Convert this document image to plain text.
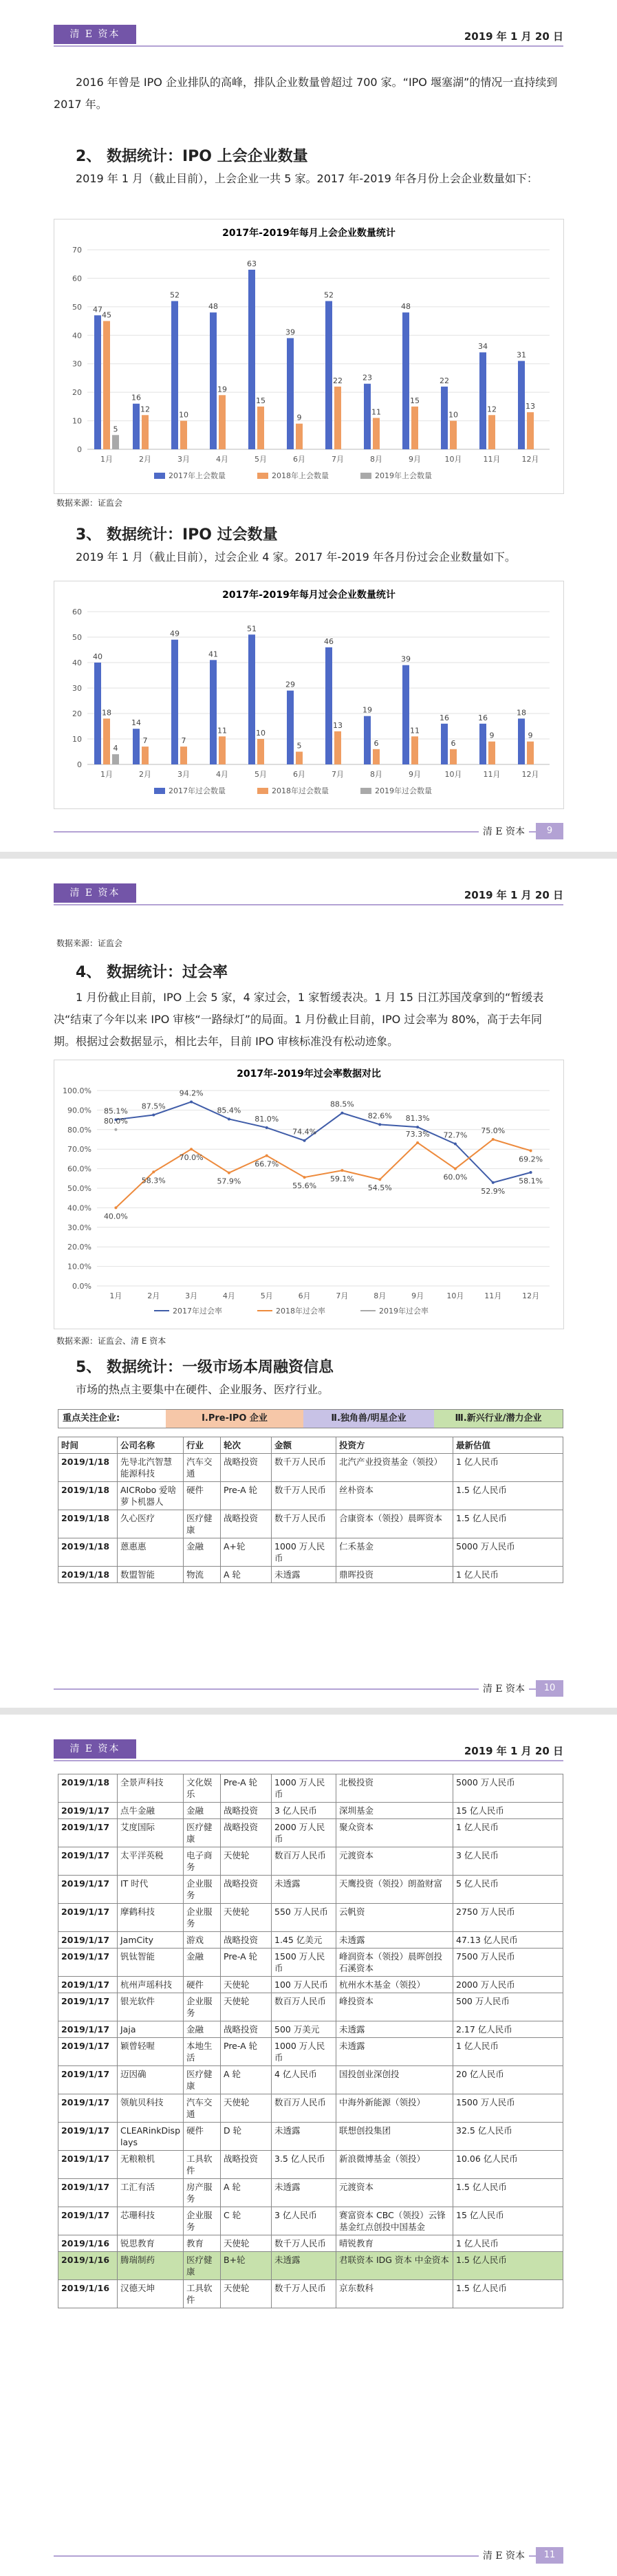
清 E 资本	2019 年 1 月 20 日

2016 年曾是 IPO 企业排队的高峰，排队企业数量曾超过 700 家。“IPO 堰塞湖”的情况一直持续到 2017 年。

2、 数据统计：IPO 上会企业数量

2019 年 1 月（截止目前），上会企业一共 5 家。2017 年-2019 年各月份上会企业数量如下：

2017年-2019年每月上会企业数量统计
0
10
20
30
40
50
60
70
1月
47
45
5
2月
16
12
3月
52
10
4月
48
19
5月
63
15
6月
39
9
7月
52
22
8月
23
11
9月
48
15
10月
22
10
11月
34
12
12月
31
13
2017年上会数量	2018年上会数量	2019年上会数量
数据来源：证监会
3、 数据统计：IPO 过会数量

2019 年 1 月（截止目前），过会企业 4 家。2017 年-2019 年各月份过会企业数量如下。

2017年-2019年每月过会企业数量统计
0
10
20
30
40
50
60
1月
40
18
4
2月
14
7
3月
49
7
4月
41
11
5月
51
10
6月
29
5
7月
46
13
8月
19
6
9月
39
11
10月
16
6
11月
16
9
12月
18
9
2017年过会数量	2018年过会数量	2019年过会数量
清 E 资本	9
清 E 资本	2019 年 1 月 20 日
数据来源：证监会
4、 数据统计：过会率

1 月份截止目前，IPO 上会 5 家，4 家过会，1 家暂缓表决。1 月 15 日江苏国茂拿到的“暂缓表决“结束了今年以来 IPO 审核“一路绿灯”的局面。1 月份截止目前，IPO 过会率为 80%，高于去年同期。根据过会数据显示，相比去年，目前 IPO 审核标准没有松动迹象。

2017年-2019年过会率数据对比
0.0%
10.0%
20.0%
30.0%
40.0%
50.0%
60.0%
70.0%
80.0%
90.0%
100.0%
1月	2月	3月	4月	5月	6月	7月	8月	9月	10月	11月	12月
85.1%
87.5%
94.2%
85.4%
81.0%
74.4%
88.5%
82.6% 81.3%
72.7%
52.9%
58.1%
40.0%
58.3%
70.0%
57.9%
66.7%
55.6%
59.1%
54.5%
73.3%
60.0%
75.0%
69.2%
80.0%
2017年过会率	2018年过会率	2019年过会率
数据来源：证监会、清 E 资本
5、 数据统计：一级市场本周融资信息

市场的热点主要集中在硬件、企业服务、医疗行业。

重点关注企业:	Ⅰ.Pre-IPO 企业	Ⅱ.独角兽/明星企业	Ⅲ.新兴行业/潜力企业
时间	公司名称	行业	轮次	金额	投资方	最新估值
2019/1/18	先导北汽智慧能源科技	汽车交通	战略投资	数千万人民币	北汽产业投资基金（领投）	1 亿人民币
2019/1/18	AICRobo 爱啥萝卜机器人	硬件	Pre-A 轮	数千万人民币	丝朴资本	1.5 亿人民币
2019/1/18	久心医疗	医疗健康	战略投资	数千万人民币	合康资本（领投）晨晖资本	1.5 亿人民币
2019/1/18	蒽惠惠	金融	A+轮	1000 万人民币	仁禾基金	5000 万人民币
2019/1/18	数盟智能	物流	A 轮	未透露	鼎晖投资	1 亿人民币
清 E 资本	10
清 E 资本	2019 年 1 月 20 日
2019/1/18	全景声科技	文化娱乐	Pre-A 轮	1000 万人民币	北极投资	5000 万人民币
2019/1/17	点牛金融	金融	战略投资	3 亿人民币	深圳基金	15 亿人民币
2019/1/17	艾度国际	医疗健康	战略投资	2000 万人民币	聚众资本	1 亿人民币
2019/1/17	太平洋英税	电子商务	天使轮	数百万人民币	元渡资本	3 亿人民币
2019/1/17	IT 时代	企业服务	战略投资	未透露	天鹰投资（领投）朗盈财富	5 亿人民币
2019/1/17	摩鹤科技	企业服务	天使轮	550 万人民币	云帆资	2750 万人民币
2019/1/17	JamCity	游戏	战略投资	1.45 亿美元	未透露	47.13 亿人民币
2019/1/17	钒钛智能	金融	Pre-A 轮	1500 万人民币	峰润资本（领投）晨晖创投石溪资本	7500 万人民币
2019/1/17	杭州声瑶科技	硬件	天使轮	100 万人民币	杭州水木基金（领投）	2000 万人民币
2019/1/17	银光软件	企业服务	天使轮	数百万人民币	峰投资本	500 万人民币
2019/1/17	Jaja	金融	战略投资	500 万美元	未透露	2.17 亿人民币
2019/1/17	颖曾轻喔	本地生活	Pre-A 轮	1000 万人民币	未透露	1 亿人民币
2019/1/17	迈因确	医疗健康	A 轮	4 亿人民币	国投创业深创投	20 亿人民币
2019/1/17	领航贝科技	汽车交通	天使轮	数百万人民币	中海外新能源（领投）	1500 万人民币
2019/1/17	CLEARinkDisplays	硬件	D 轮	未透露	联想创投集团	32.5 亿人民币
2019/1/17	无粮粮机	工具软件	战略投资	3.5 亿人民币	新浪微博基金（领投）	10.06 亿人民币
2019/1/17	工汇有活	房产服务	A 轮	未透露	元渡资本	1.5 亿人民币
2019/1/17	芯珊科技	企业服务	C 轮	3 亿人民币	赛富资本 CBC（领投）云锋基金红点创投中国基金	15 亿人民币
2019/1/16	锐思教育	教育	天使轮	数千万人民币	晴锐教育	1 亿人民币
2019/1/16	腾瑞制药	医疗健康	B+轮	未透露	君联资本 IDG 资本 中金资本	1.5 亿人民币
2019/1/16	汉德天坤	工具软件	天使轮	数千万人民币	京东数科	1.5 亿人民币
清 E 资本	11
